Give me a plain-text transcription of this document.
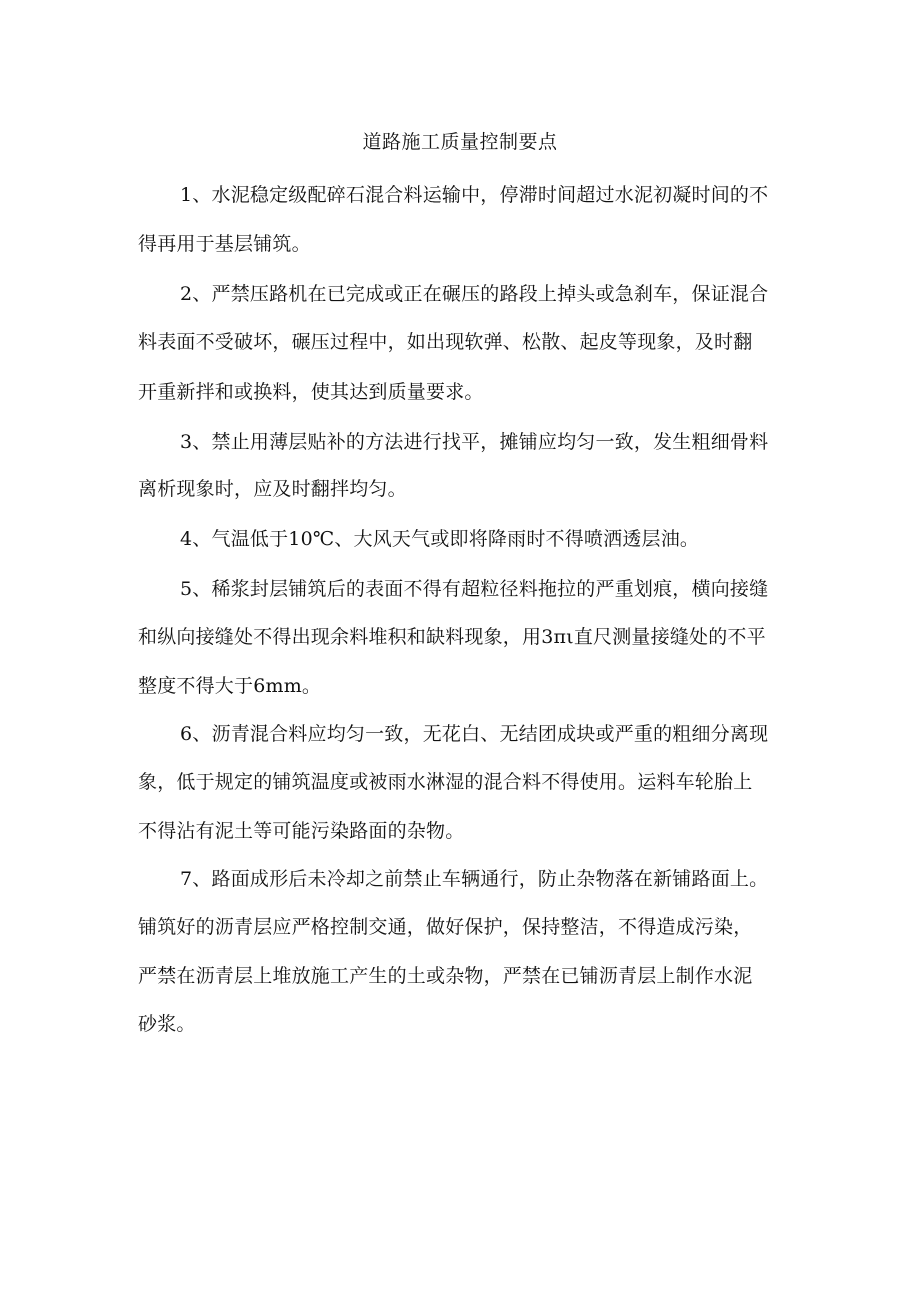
道路施工质量控制要点

1、水泥稳定级配碎石混合料运输中，停滞时间超过水泥初凝时间的不

得再用于基层铺筑。

2、严禁压路机在已完成或正在碾压的路段上掉头或急刹车，保证混合

料表面不受破坏，碾压过程中，如出现软弹、松散、起皮等现象，及时翻

开重新拌和或换料，使其达到质量要求。

3、禁止用薄层贴补的方法进行找平，摊铺应均匀一致，发生粗细骨料

离析现象时，应及时翻拌均匀。

4、气温低于10℃、大风天气或即将降雨时不得喷洒透层油。

5、稀浆封层铺筑后的表面不得有超粒径料拖拉的严重划痕，横向接缝

和纵向接缝处不得出现余料堆积和缺料现象，用3πι直尺测量接缝处的不平

整度不得大于6mm。

6、沥青混合料应均匀一致，无花白、无结团成块或严重的粗细分离现

象，低于规定的铺筑温度或被雨水淋湿的混合料不得使用。运料车轮胎上

不得沾有泥土等可能污染路面的杂物。

7、路面成形后未冷却之前禁止车辆通行，防止杂物落在新铺路面上。

铺筑好的沥青层应严格控制交通，做好保护，保持整洁，不得造成污染，

严禁在沥青层上堆放施工产生的土或杂物，严禁在已铺沥青层上制作水泥

砂浆。
